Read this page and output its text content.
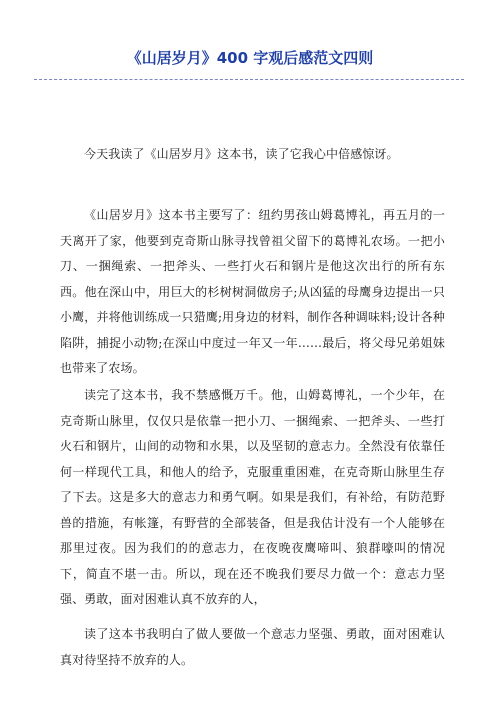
《山居岁月》400 字观后感范文四则

今天我读了《山居岁月》这本书，读了它我心中倍感惊讶。

《山居岁月》这本书主要写了：纽约男孩山姆葛博礼，再五月的一天离开了家，他要到克奇斯山脉寻找曾祖父留下的葛博礼农场。一把小刀、一捆绳索、一把斧头、一些打火石和钢片是他这次出行的所有东西。他在深山中，用巨大的杉树树洞做房子;从凶猛的母鹰身边提出一只小鹰，并将他训练成一只猎鹰;用身边的材料，制作各种调味料;设计各种陷阱，捕捉小动物;在深山中度过一年又一年……最后，将父母兄弟姐妹也带来了农场。

读完了这本书，我不禁感慨万千。他，山姆葛博礼，一个少年，在克奇斯山脉里，仅仅只是依靠一把小刀、一捆绳索、一把斧头、一些打火石和钢片，山间的动物和水果，以及坚韧的意志力。全然没有依靠任何一样现代工具，和他人的给予，克服重重困难，在克奇斯山脉里生存了下去。这是多大的意志力和勇气啊。如果是我们，有补给，有防范野兽的措施，有帐篷，有野营的全部装备，但是我估计没有一个人能够在那里过夜。因为我们的的意志力，在夜晚夜鹰啼叫、狼群嚎叫的情况下，简直不堪一击。所以，现在还不晚我们要尽力做一个：意志力坚强、勇敢，面对困难认真不放弃的人，

读了这本书我明白了做人要做一个意志力坚强、勇敢，面对困难认真对待坚持不放弃的人。
